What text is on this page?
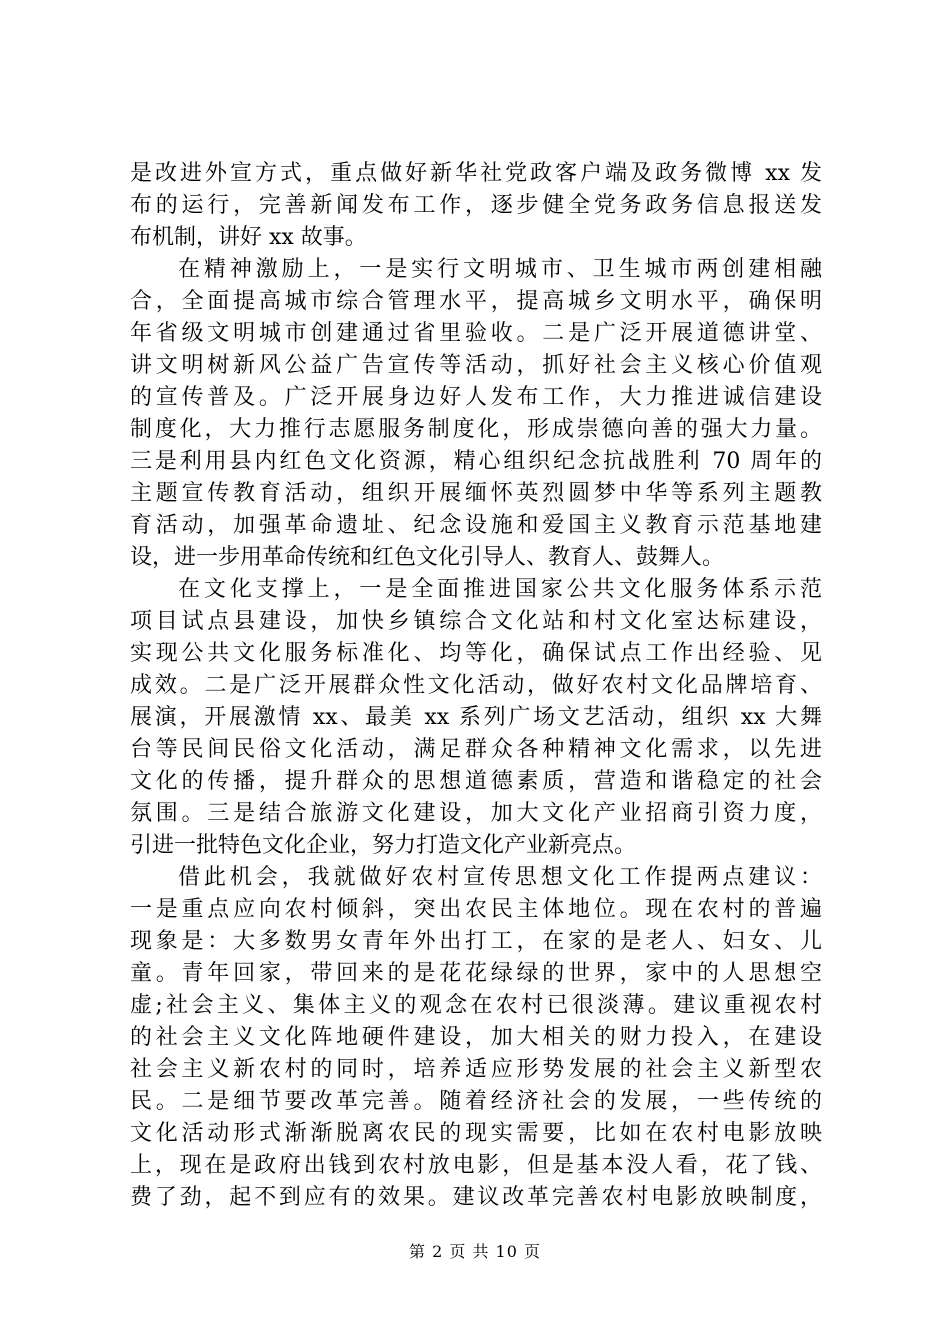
是改进外宣方式，重点做好新华社党政客户端及政务微博 xx 发
布的运行，完善新闻发布工作，逐步健全党务政务信息报送发
布机制，讲好 xx 故事。
在精神激励上，一是实行文明城市、卫生城市两创建相融
合，全面提高城市综合管理水平，提高城乡文明水平，确保明
年省级文明城市创建通过省里验收。二是广泛开展道德讲堂、
讲文明树新风公益广告宣传等活动，抓好社会主义核心价值观
的宣传普及。广泛开展身边好人发布工作，大力推进诚信建设
制度化，大力推行志愿服务制度化，形成崇德向善的强大力量。
三是利用县内红色文化资源，精心组织纪念抗战胜利 70 周年的
主题宣传教育活动，组织开展缅怀英烈圆梦中华等系列主题教
育活动，加强革命遗址、纪念设施和爱国主义教育示范基地建
设，进一步用革命传统和红色文化引导人、教育人、鼓舞人。
在文化支撑上，一是全面推进国家公共文化服务体系示范
项目试点县建设，加快乡镇综合文化站和村文化室达标建设，
实现公共文化服务标准化、均等化，确保试点工作出经验、见
成效。二是广泛开展群众性文化活动，做好农村文化品牌培育、
展演，开展激情 xx、最美 xx 系列广场文艺活动，组织 xx 大舞
台等民间民俗文化活动，满足群众各种精神文化需求，以先进
文化的传播，提升群众的思想道德素质，营造和谐稳定的社会
氛围。三是结合旅游文化建设，加大文化产业招商引资力度，
引进一批特色文化企业，努力打造文化产业新亮点。
借此机会，我就做好农村宣传思想文化工作提两点建议：
一是重点应向农村倾斜，突出农民主体地位。现在农村的普遍
现象是：大多数男女青年外出打工，在家的是老人、妇女、儿
童。青年回家，带回来的是花花绿绿的世界，家中的人思想空
虚;社会主义、集体主义的观念在农村已很淡薄。建议重视农村
的社会主义文化阵地硬件建设，加大相关的财力投入，在建设
社会主义新农村的同时，培养适应形势发展的社会主义新型农
民。二是细节要改革完善。随着经济社会的发展，一些传统的
文化活动形式渐渐脱离农民的现实需要，比如在农村电影放映
上，现在是政府出钱到农村放电影，但是基本没人看，花了钱、
费了劲，起不到应有的效果。建议改革完善农村电影放映制度，
第 2 页 共 10 页
